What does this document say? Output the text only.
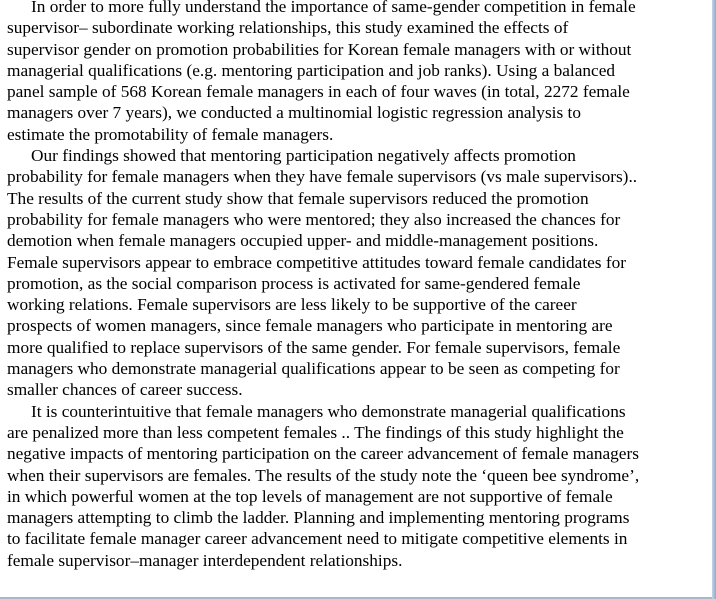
In order to more fully understand the importance of same-gender competition in female
supervisor– subordinate working relationships, this study examined the effects of
supervisor gender on promotion probabilities for Korean female managers with or without
managerial qualifications (e.g. mentoring participation and job ranks). Using a balanced
panel sample of 568 Korean female managers in each of four waves (in total, 2272 female
managers over 7 years), we conducted a multinomial logistic regression analysis to
estimate the promotability of female managers.
Our findings showed that mentoring participation negatively affects promotion
probability for female managers when they have female supervisors (vs male supervisors)..
The results of the current study show that female supervisors reduced the promotion
probability for female managers who were mentored; they also increased the chances for
demotion when female managers occupied upper- and middle-management positions.
Female supervisors appear to embrace competitive attitudes toward female candidates for
promotion, as the social comparison process is activated for same-gendered female
working relations. Female supervisors are less likely to be supportive of the career
prospects of women managers, since female managers who participate in mentoring are
more qualified to replace supervisors of the same gender. For female supervisors, female
managers who demonstrate managerial qualifications appear to be seen as competing for
smaller chances of career success.
It is counterintuitive that female managers who demonstrate managerial qualifications
are penalized more than less competent females .. The findings of this study highlight the
negative impacts of mentoring participation on the career advancement of female managers
when their supervisors are females. The results of the study note the ‘queen bee syndrome’,
in which powerful women at the top levels of management are not supportive of female
managers attempting to climb the ladder. Planning and implementing mentoring programs
to facilitate female manager career advancement need to mitigate competitive elements in
female supervisor–manager interdependent relationships.
